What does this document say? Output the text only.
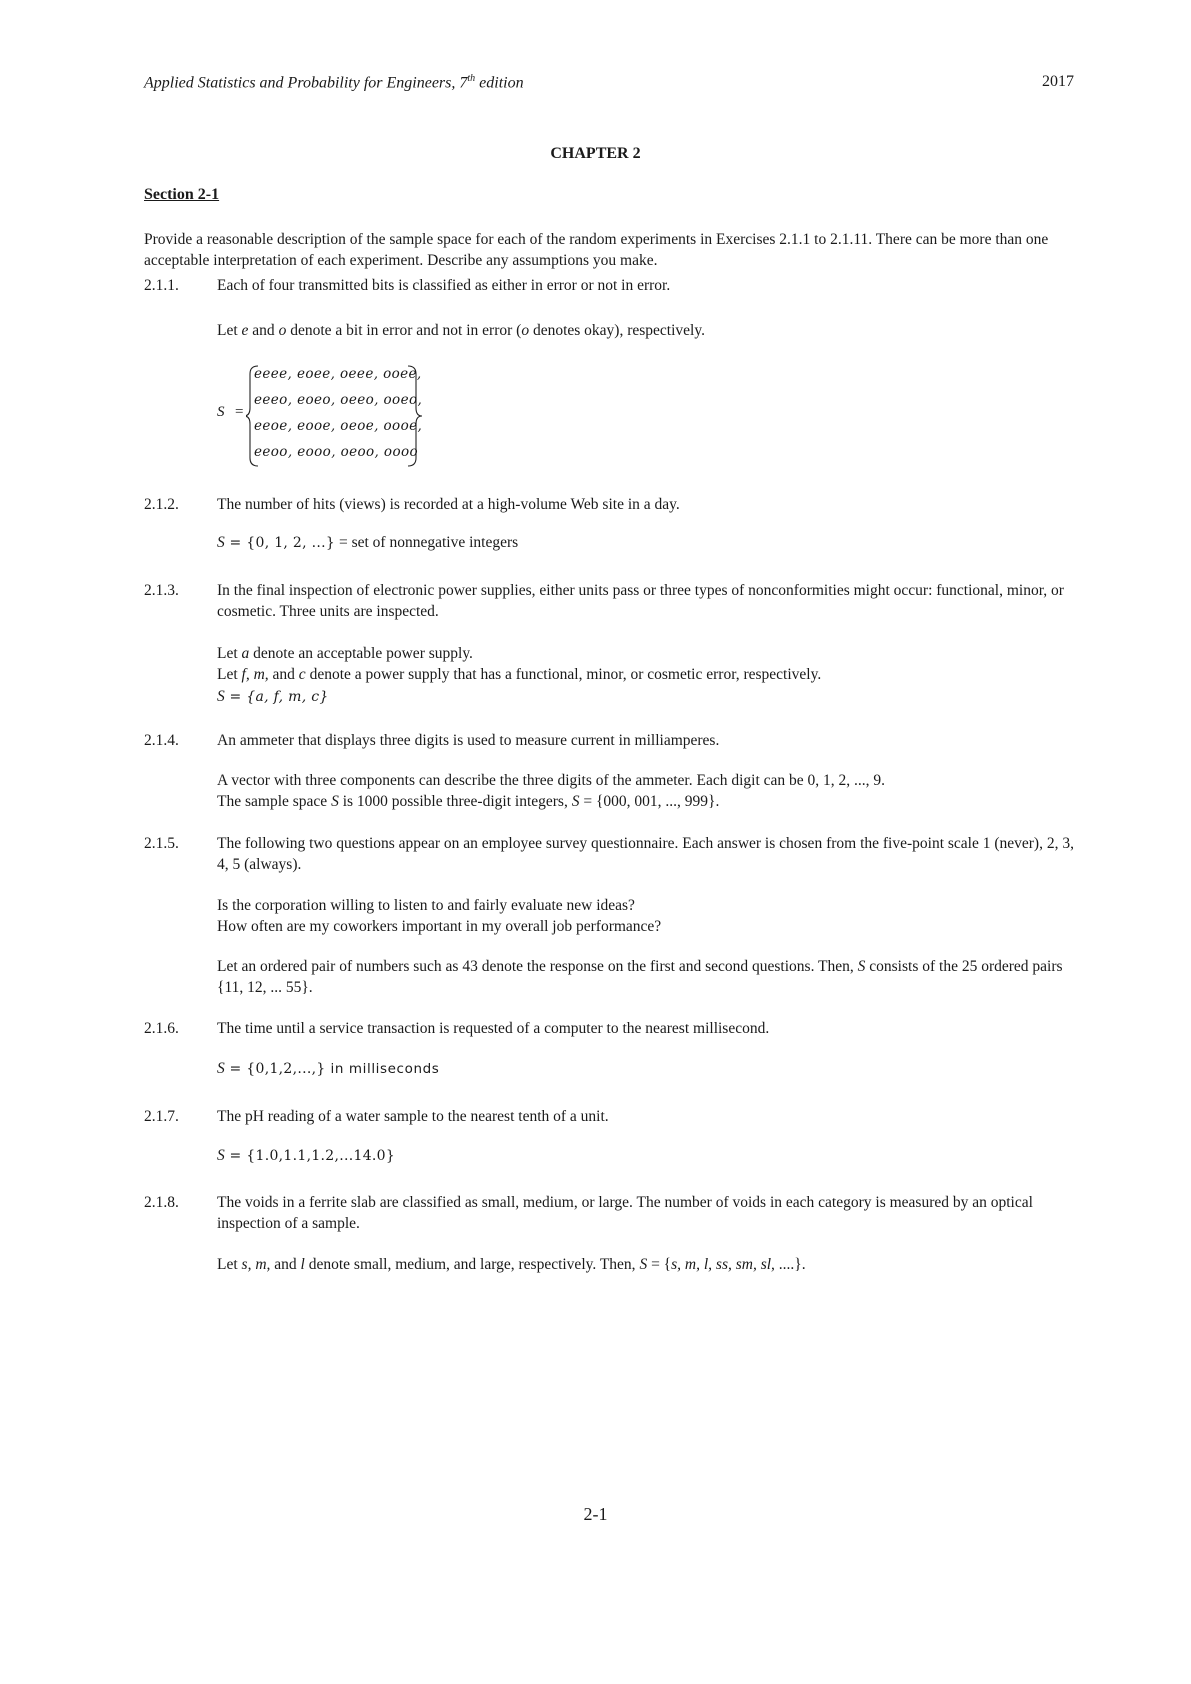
Applied Statistics and Probability for Engineers, 7th edition	2017
CHAPTER 2
Section 2-1
Provide a reasonable description of the sample space for each of the random experiments in Exercises 2.1.1 to 2.1.11. There can be more than one acceptable interpretation of each experiment. Describe any assumptions you make.
2.1.1. Each of four transmitted bits is classified as either in error or not in error.
Let e and o denote a bit in error and not in error (o denotes okay), respectively.
S =
eeee, eoee, oeee, ooee,
eeeo, eoeo, oeeo, ooeo,
eeoe, eooe, oeoe, oooe,
eeoo, eooo, oeoo, oooo
2.1.2. The number of hits (views) is recorded at a high-volume Web site in a day.
S = {0, 1, 2, ...} = set of nonnegative integers
2.1.3. In the final inspection of electronic power supplies, either units pass or three types of nonconformities might occur: functional, minor, or cosmetic. Three units are inspected.
Let a denote an acceptable power supply.
Let f, m, and c denote a power supply that has a functional, minor, or cosmetic error, respectively.
S = {a, f, m, c}
2.1.4. An ammeter that displays three digits is used to measure current in milliamperes.
A vector with three components can describe the three digits of the ammeter. Each digit can be 0, 1, 2, ..., 9.
The sample space S is 1000 possible three-digit integers, S = {000, 001, ..., 999}.
2.1.5. The following two questions appear on an employee survey questionnaire. Each answer is chosen from the five-point scale 1 (never), 2, 3, 4, 5 (always).
Is the corporation willing to listen to and fairly evaluate new ideas?
How often are my coworkers important in my overall job performance?
Let an ordered pair of numbers such as 43 denote the response on the first and second questions. Then, S consists of the 25 ordered pairs {11, 12, ... 55}.
2.1.6. The time until a service transaction is requested of a computer to the nearest millisecond.
S = {0,1,2,...,} in milliseconds
2.1.7. The pH reading of a water sample to the nearest tenth of a unit.
S = {1.0,1.1,1.2,...14.0}
2.1.8. The voids in a ferrite slab are classified as small, medium, or large. The number of voids in each category is measured by an optical inspection of a sample.
Let s, m, and l denote small, medium, and large, respectively. Then, S = {s, m, l, ss, sm, sl, ....}.
2-1
